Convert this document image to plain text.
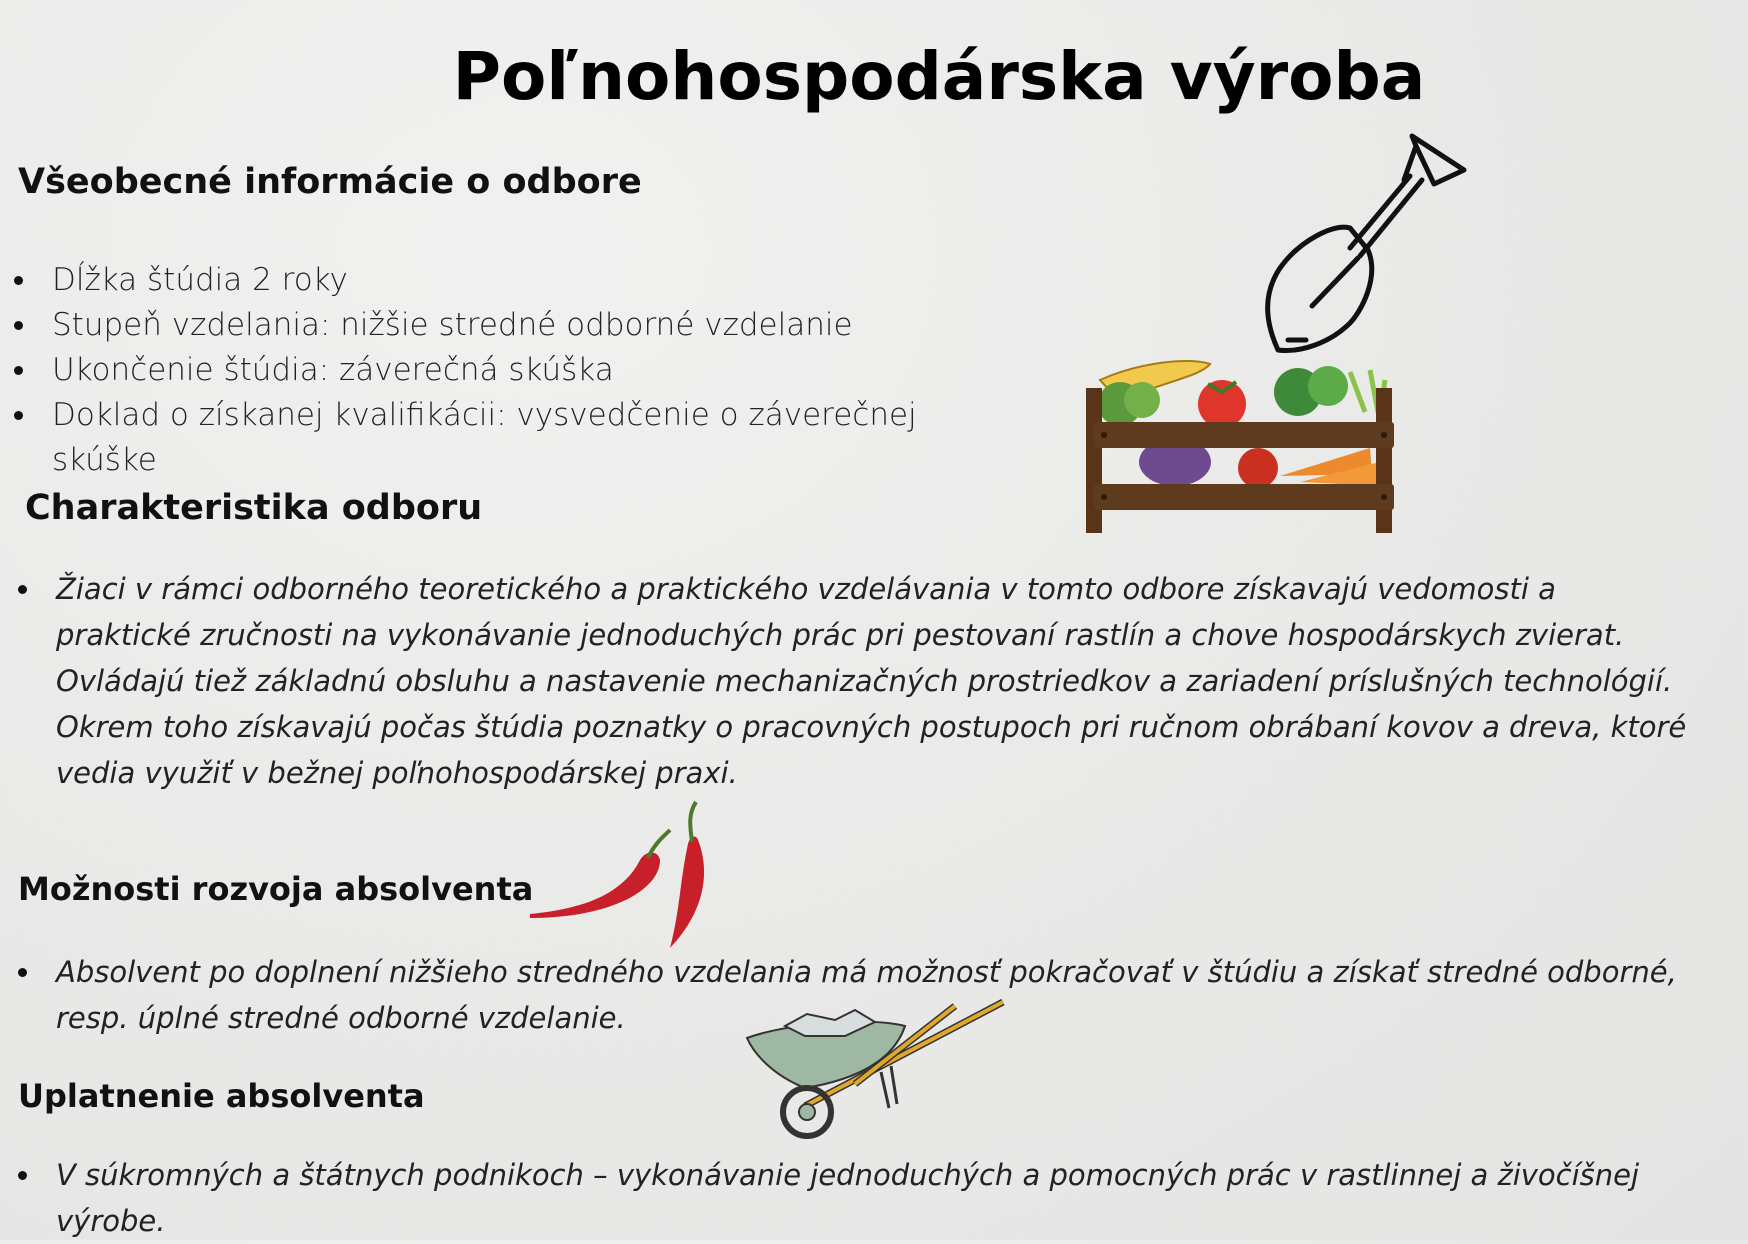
Poľnohospodárska výroba
Všeobecné informácie o odbore
Dĺžka štúdia 2 roky
Stupeň vzdelania: nižšie stredné odborné vzdelanie
Ukončenie štúdia: záverečná skúška
Doklad o získanej kvalifikácii: vysvedčenie o záverečnej skúške
Charakteristika odboru
Žiaci v rámci odborného teoretického a praktického vzdelávania v tomto odbore získavajú vedomosti a praktické zručnosti na vykonávanie jednoduchých prác pri pestovaní rastlín a chove hospodárskych zvierat. Ovládajú tiež základnú obsluhu a nastavenie mechanizačných prostriedkov a zariadení príslušných technológií. Okrem toho získavajú počas štúdia poznatky o pracovných postupoch pri ručnom obrábaní kovov a dreva, ktoré vedia využiť v bežnej poľnohospodárskej praxi.
Možnosti rozvoja absolventa
Absolvent po doplnení nižšieho stredného vzdelania má možnosť pokračovať v štúdiu a získať stredné odborné, resp. úplné stredné odborné vzdelanie.
Uplatnenie absolventa
V súkromných a štátnych podnikoch – vykonávanie jednoduchých a pomocných prác v rastlinnej a živočíšnej výrobe.
